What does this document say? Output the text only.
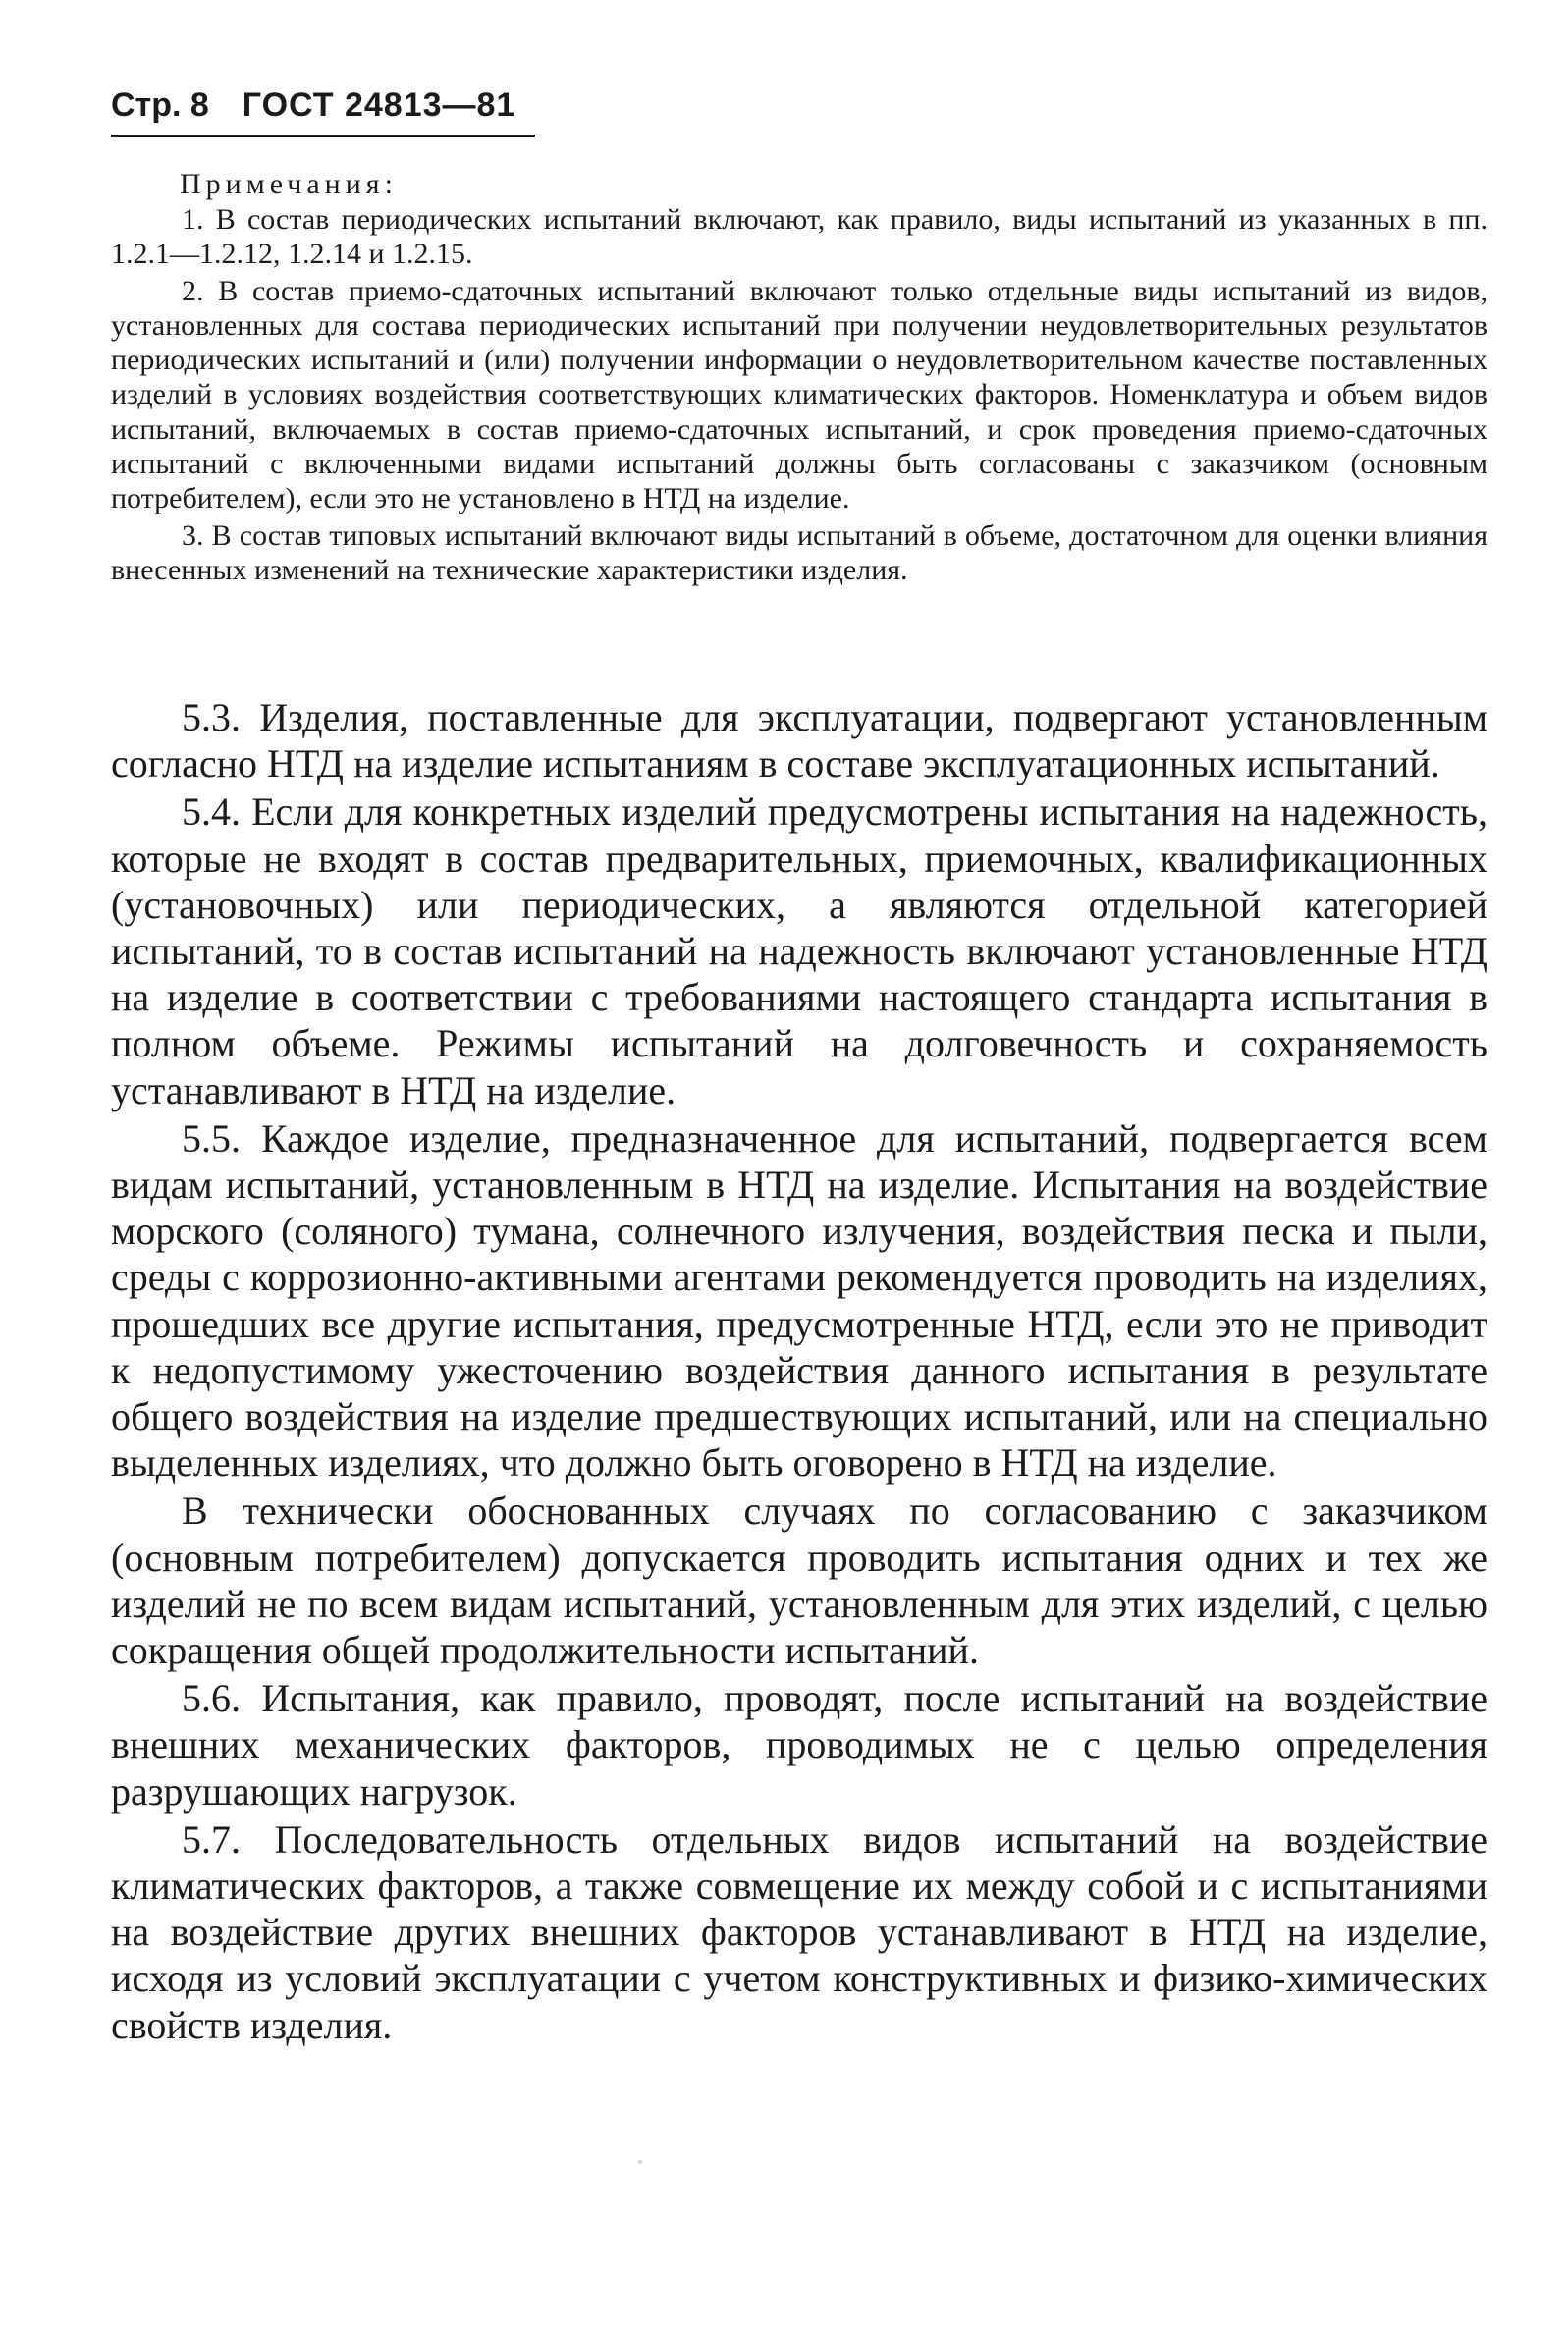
Стр. 8 ГОСТ 24813—81
Примечания:

1. В состав периодических испытаний включают, как правило, виды испытаний из указанных в пп. 1.2.1—1.2.12, 1.2.14 и 1.2.15.

2. В состав приемо-сдаточных испытаний включают только отдельные виды испытаний из видов, установленных для состава периодических испытаний при получении неудовлетворительных результатов периодических испытаний и (или) получении информации о неудовлетворительном качестве поставленных изделий в условиях воздействия соответствующих климатических факторов. Номенклатура и объем видов испытаний, включаемых в состав приемо-сдаточных испытаний, и срок проведения приемо-сдаточных испытаний с включенными видами испытаний должны быть согласованы с заказчиком (основным потребителем), если это не установлено в НТД на изделие.

3. В состав типовых испытаний включают виды испытаний в объеме, достаточном для оценки влияния внесенных изменений на технические характеристики изделия.

5.3. Изделия, поставленные для эксплуатации, подвергают установленным согласно НТД на изделие испытаниям в составе эксплуатационных испытаний.

5.4. Если для конкретных изделий предусмотрены испытания на надежность, которые не входят в состав предварительных, приемочных, квалификационных (установочных) или периодических, а являются отдельной категорией испытаний, то в состав испытаний на надежность включают установленные НТД на изделие в соответствии с требованиями настоящего стандарта испытания в полном объеме. Режимы испытаний на долговечность и сохраняемость устанавливают в НТД на изделие.

5.5. Каждое изделие, предназначенное для испытаний, подвергается всем видам испытаний, установленным в НТД на изделие. Испытания на воздействие морского (соляного) тумана, солнечного излучения, воздействия песка и пыли, среды с коррозионно-активными агентами рекомендуется проводить на изделиях, прошедших все другие испытания, предусмотренные НТД, если это не приводит к недопустимому ужесточению воздействия данного испытания в результате общего воздействия на изделие предшествующих испытаний, или на специально выделенных изделиях, что должно быть оговорено в НТД на изделие.

В технически обоснованных случаях по согласованию с заказчиком (основным потребителем) допускается проводить испытания одних и тех же изделий не по всем видам испытаний, установленным для этих изделий, с целью сокращения общей продолжительности испытаний.

5.6. Испытания, как правило, проводят, после испытаний на воздействие внешних механических факторов, проводимых не с целью определения разрушающих нагрузок.

5.7. Последовательность отдельных видов испытаний на воздействие климатических факторов, а также совмещение их между собой и с испытаниями на воздействие других внешних факторов устанавливают в НТД на изделие, исходя из условий эксплуатации с учетом конструктивных и физико-химических свойств изделия.
